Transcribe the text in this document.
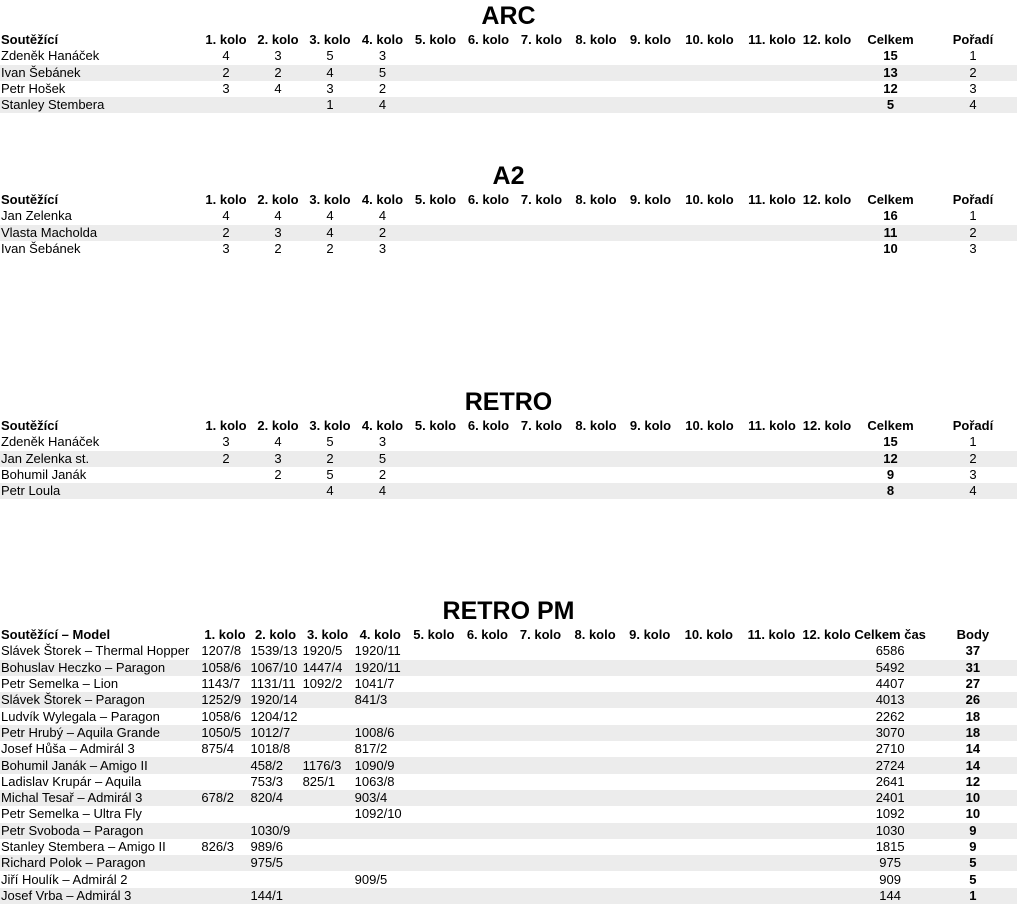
ARC
Soutěžící	1. kolo	2. kolo	3. kolo	4. kolo	5. kolo	6. kolo	7. kolo	8. kolo	9. kolo	10. kolo	11. kolo	12. kolo	Celkem	Pořadí
Zdeněk Hanáček	4	3	5	3									15	1
Ivan Šebánek	2	2	4	5									13	2
Petr Hošek	3	4	3	2									12	3
Stanley Stembera			1	4									5	4
A2
Soutěžící	1. kolo	2. kolo	3. kolo	4. kolo	5. kolo	6. kolo	7. kolo	8. kolo	9. kolo	10. kolo	11. kolo	12. kolo	Celkem	Pořadí
Jan Zelenka	4	4	4	4									16	1
Vlasta Macholda	2	3	4	2									11	2
Ivan Šebánek	3	2	2	3									10	3
RETRO
Soutěžící	1. kolo	2. kolo	3. kolo	4. kolo	5. kolo	6. kolo	7. kolo	8. kolo	9. kolo	10. kolo	11. kolo	12. kolo	Celkem	Pořadí
Zdeněk Hanáček	3	4	5	3									15	1
Jan Zelenka st.	2	3	2	5									12	2
Bohumil Janák		2	5	2									9	3
Petr Loula			4	4									8	4
RETRO PM
Soutěžící – Model	1. kolo	2. kolo	3. kolo	4. kolo	5. kolo	6. kolo	7. kolo	8. kolo	9. kolo	10. kolo	11. kolo	12. kolo	Celkem čas	Body
Slávek Štorek – Thermal Hopper	1207/8	1539/13	1920/5	1920/11									6586	37
Bohuslav Heczko – Paragon	1058/6	1067/10	1447/4	1920/11									5492	31
Petr Semelka – Lion	1143/7	1131/11	1092/2	1041/7									4407	27
Slávek Štorek – Paragon	1252/9	1920/14		841/3									4013	26
Ludvík Wylegala – Paragon	1058/6	1204/12											2262	18
Petr Hrubý – Aquila Grande	1050/5	1012/7		1008/6									3070	18
Josef Hůša – Admirál 3	875/4	1018/8		817/2									2710	14
Bohumil Janák – Amigo II		458/2	1176/3	1090/9									2724	14
Ladislav Krupár – Aquila		753/3	825/1	1063/8									2641	12
Michal Tesař – Admirál 3	678/2	820/4		903/4									2401	10
Petr Semelka – Ultra Fly				1092/10									1092	10
Petr Svoboda – Paragon		1030/9											1030	9
Stanley Stembera – Amigo II	826/3	989/6											1815	9
Richard Polok – Paragon		975/5											975	5
Jiří Houlík – Admirál 2				909/5									909	5
Josef Vrba – Admirál 3		144/1											144	1
